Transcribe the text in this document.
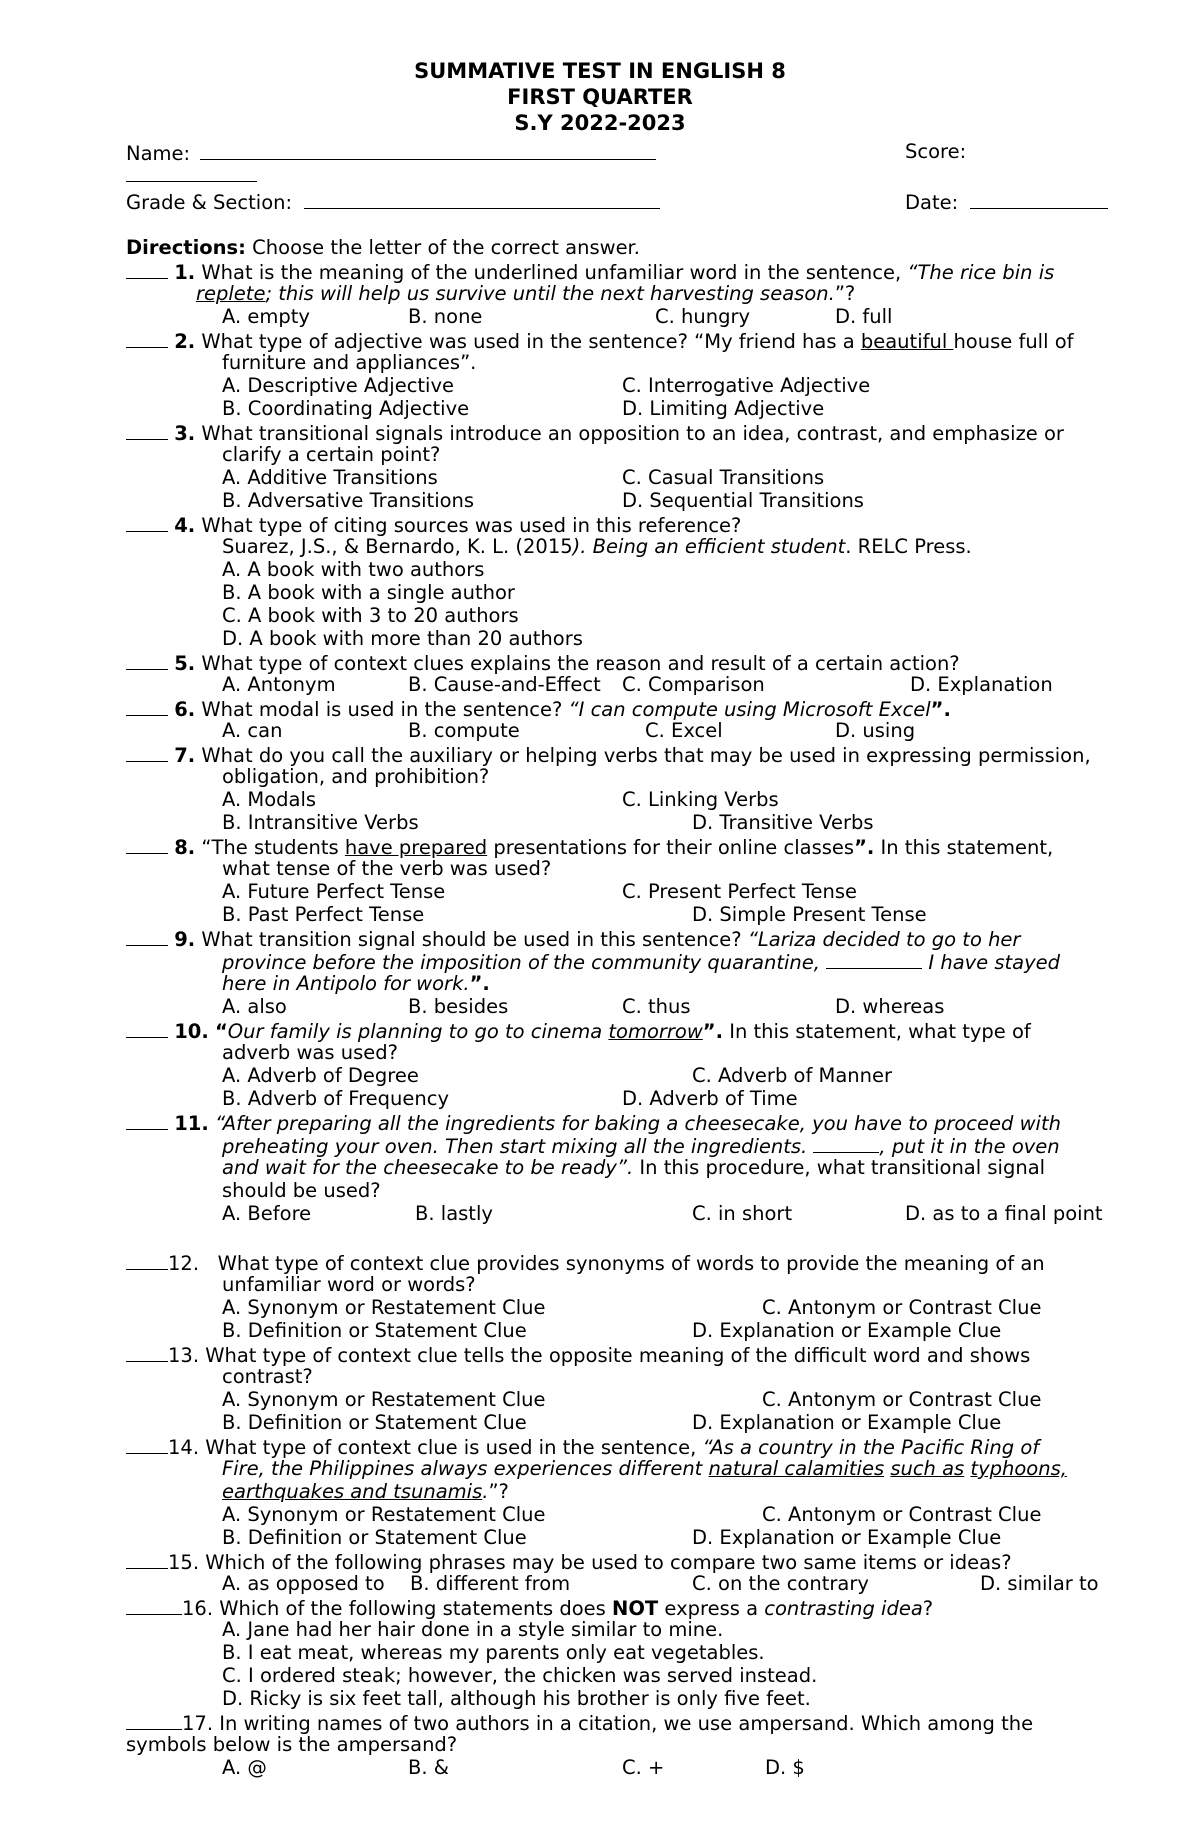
SUMMATIVE TEST IN ENGLISH 8
FIRST QUARTER
S.Y 2022-2023
Name:	Score:
Grade & Section:	Date:
Directions: Choose the letter of the correct answer.
1. What is the meaning of the underlined unfamiliar word in the sentence, “The rice bin is
replete; this will help us survive until the next harvesting season.”?
A. empty	B. none	C. hungry	D. full
2. What type of adjective was used in the sentence? “My friend has a beautiful house full of
furniture and appliances”.
A. Descriptive Adjective	C. Interrogative Adjective
B. Coordinating Adjective	D. Limiting Adjective
3. What transitional signals introduce an opposition to an idea, contrast, and emphasize or
clarify a certain point?
A. Additive Transitions	C. Casual Transitions
B. Adversative Transitions	D. Sequential Transitions
4. What type of citing sources was used in this reference?
Suarez, J.S., & Bernardo, K. L. (2015). Being an efficient student. RELC Press.
A. A book with two authors
B. A book with a single author
C. A book with 3 to 20 authors
D. A book with more than 20 authors
5. What type of context clues explains the reason and result of a certain action?
A. Antonym	B. Cause-and-Effect C. Comparison	D. Explanation
6. What modal is used in the sentence? “I can compute using Microsoft Excel”.
A. can	B. compute	C. Excel	D. using
7. What do you call the auxiliary or helping verbs that may be used in expressing permission,
obligation, and prohibition?
A. Modals	C. Linking Verbs
B. Intransitive Verbs	D. Transitive Verbs
8. “The students have prepared presentations for their online classes”. In this statement,
what tense of the verb was used?
A. Future Perfect Tense	C. Present Perfect Tense
B. Past Perfect Tense	D. Simple Present Tense
9. What transition signal should be used in this sentence? “Lariza decided to go to her
province before the imposition of the community quarantine,	I have stayed
here in Antipolo for work.”.
A. also	B. besides	C. thus	D. whereas
10. “Our family is planning to go to cinema tomorrow”. In this statement, what type of
adverb was used?
A. Adverb of Degree	C. Adverb of Manner
B. Adverb of Frequency	D. Adverb of Time
11. “After preparing all the ingredients for baking a cheesecake, you have to proceed with
preheating your oven. Then start mixing all the ingredients.	, put it in the oven
and wait for the cheesecake to be ready”. In this procedure, what transitional signal
should be used?
A. Before	B. lastly	C. in short	D. as to a final point
12. What type of context clue provides synonyms of words to provide the meaning of an
unfamiliar word or words?
A. Synonym or Restatement Clue	C. Antonym or Contrast Clue
B. Definition or Statement Clue	D. Explanation or Example Clue
13. What type of context clue tells the opposite meaning of the difficult word and shows
contrast?
A. Synonym or Restatement Clue	C. Antonym or Contrast Clue
B. Definition or Statement Clue	D. Explanation or Example Clue
14. What type of context clue is used in the sentence, “As a country in the Pacific Ring of
Fire, the Philippines always experiences different natural calamities such as typhoons,
earthquakes and tsunamis.”?
A. Synonym or Restatement Clue	C. Antonym or Contrast Clue
B. Definition or Statement Clue	D. Explanation or Example Clue
15. Which of the following phrases may be used to compare two same items or ideas?
A. as opposed to B. different from	C. on the contrary	D. similar to
16. Which of the following statements does NOT express a contrasting idea?
A. Jane had her hair done in a style similar to mine.
B. I eat meat, whereas my parents only eat vegetables.
C. I ordered steak; however, the chicken was served instead.
D. Ricky is six feet tall, although his brother is only five feet.
17. In writing names of two authors in a citation, we use ampersand. Which among the
symbols below is the ampersand?
A. @	B. &	C. +	D. $
